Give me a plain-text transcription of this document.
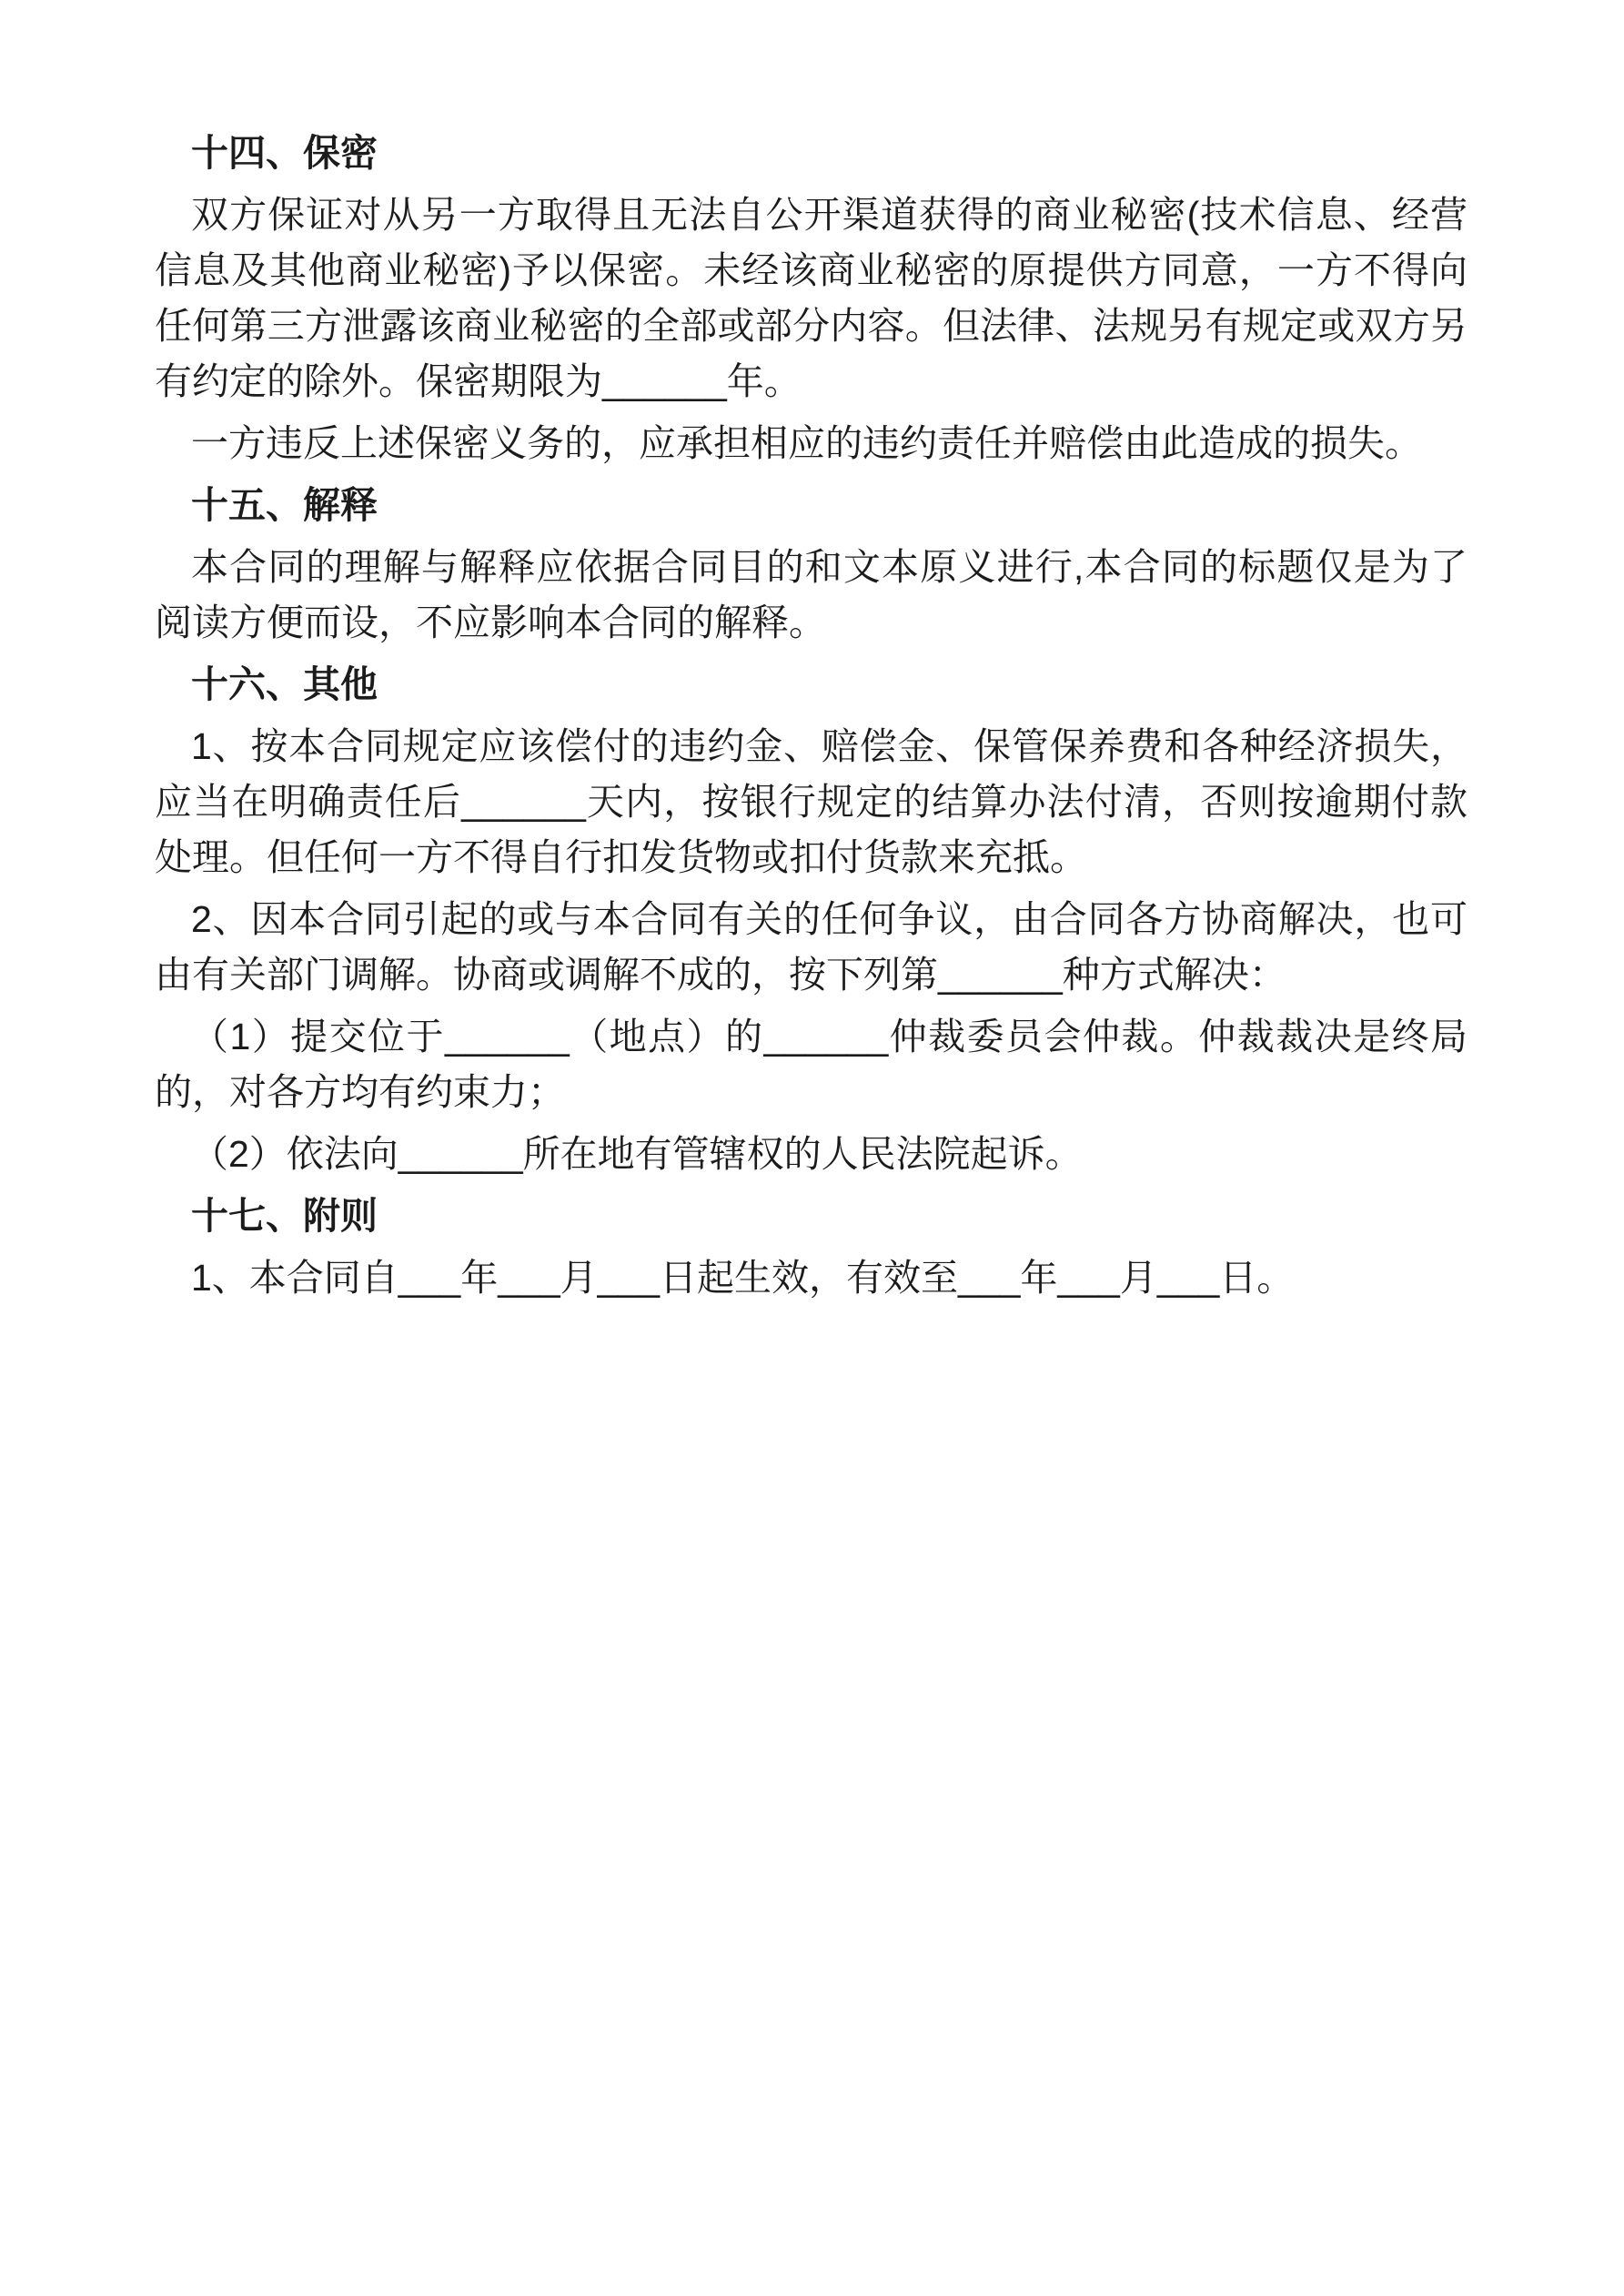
十四、保密

双方保证对从另一方取得且无法自公开渠道获得的商业秘密(技术信息、经营信息及其他商业秘密)予以保密。未经该商业秘密的原提供方同意，一方不得向任何第三方泄露该商业秘密的全部或部分内容。但法律、法规另有规定或双方另有约定的除外。保密期限为______年。

一方违反上述保密义务的，应承担相应的违约责任并赔偿由此造成的损失。

十五、解释

本合同的理解与解释应依据合同目的和文本原义进行,本合同的标题仅是为了阅读方便而设，不应影响本合同的解释。

十六、其他

1、按本合同规定应该偿付的违约金、赔偿金、保管保养费和各种经济损失，应当在明确责任后______天内，按银行规定的结算办法付清，否则按逾期付款处理。但任何一方不得自行扣发货物或扣付货款来充抵。

2、因本合同引起的或与本合同有关的任何争议，由合同各方协商解决，也可由有关部门调解。协商或调解不成的，按下列第______种方式解决：

（1）提交位于______（地点）的______仲裁委员会仲裁。仲裁裁决是终局的，对各方均有约束力；

（2）依法向______所在地有管辖权的人民法院起诉。

十七、附则

1、本合同自___年___月___日起生效，有效至___年___月___日。
